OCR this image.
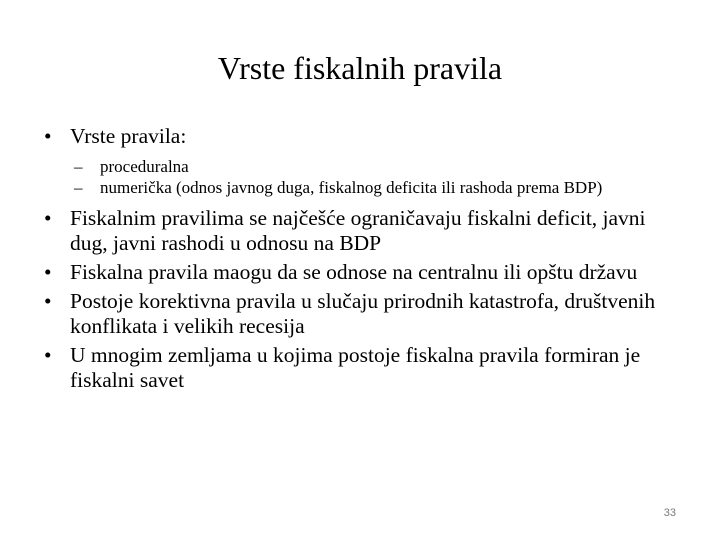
Vrste fiskalnih pravila
• Vrste pravila:
–	proceduralna
–	numerička (odnos javnog duga, fiskalnog deficita ili rashoda prema BDP)
• Fiskalnim pravilima se najčešće ograničavaju fiskalni deficit, javni dug, javni rashodi u odnosu na BDP
• Fiskalna pravila maogu da se odnose na centralnu ili opštu državu
• Postoje korektivna pravila u slučaju prirodnih katastrofa, društvenih konflikata i velikih recesija
• U mnogim zemljama u kojima postoje fiskalna pravila formiran je fiskalni savet
33
